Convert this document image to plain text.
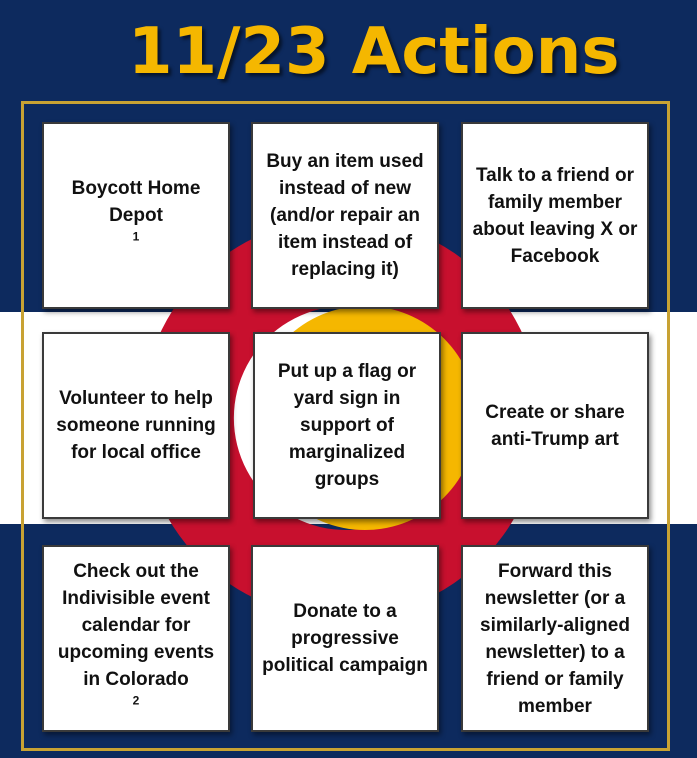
11/23 Actions
Boycott Home Depot
$^1$
Buy an item used instead of new (and/or repair an item instead of replacing it)
Talk to a friend or family member about leaving X or Facebook
Volunteer to help someone running for local office
Put up a flag or yard sign in support of marginalized groups
Create or share anti-Trump art
Check out the Indivisible event calendar for upcoming events in Colorado
$^2$
Donate to a progressive political campaign
Forward this newsletter (or a similarly-aligned newsletter) to a friend or family member
